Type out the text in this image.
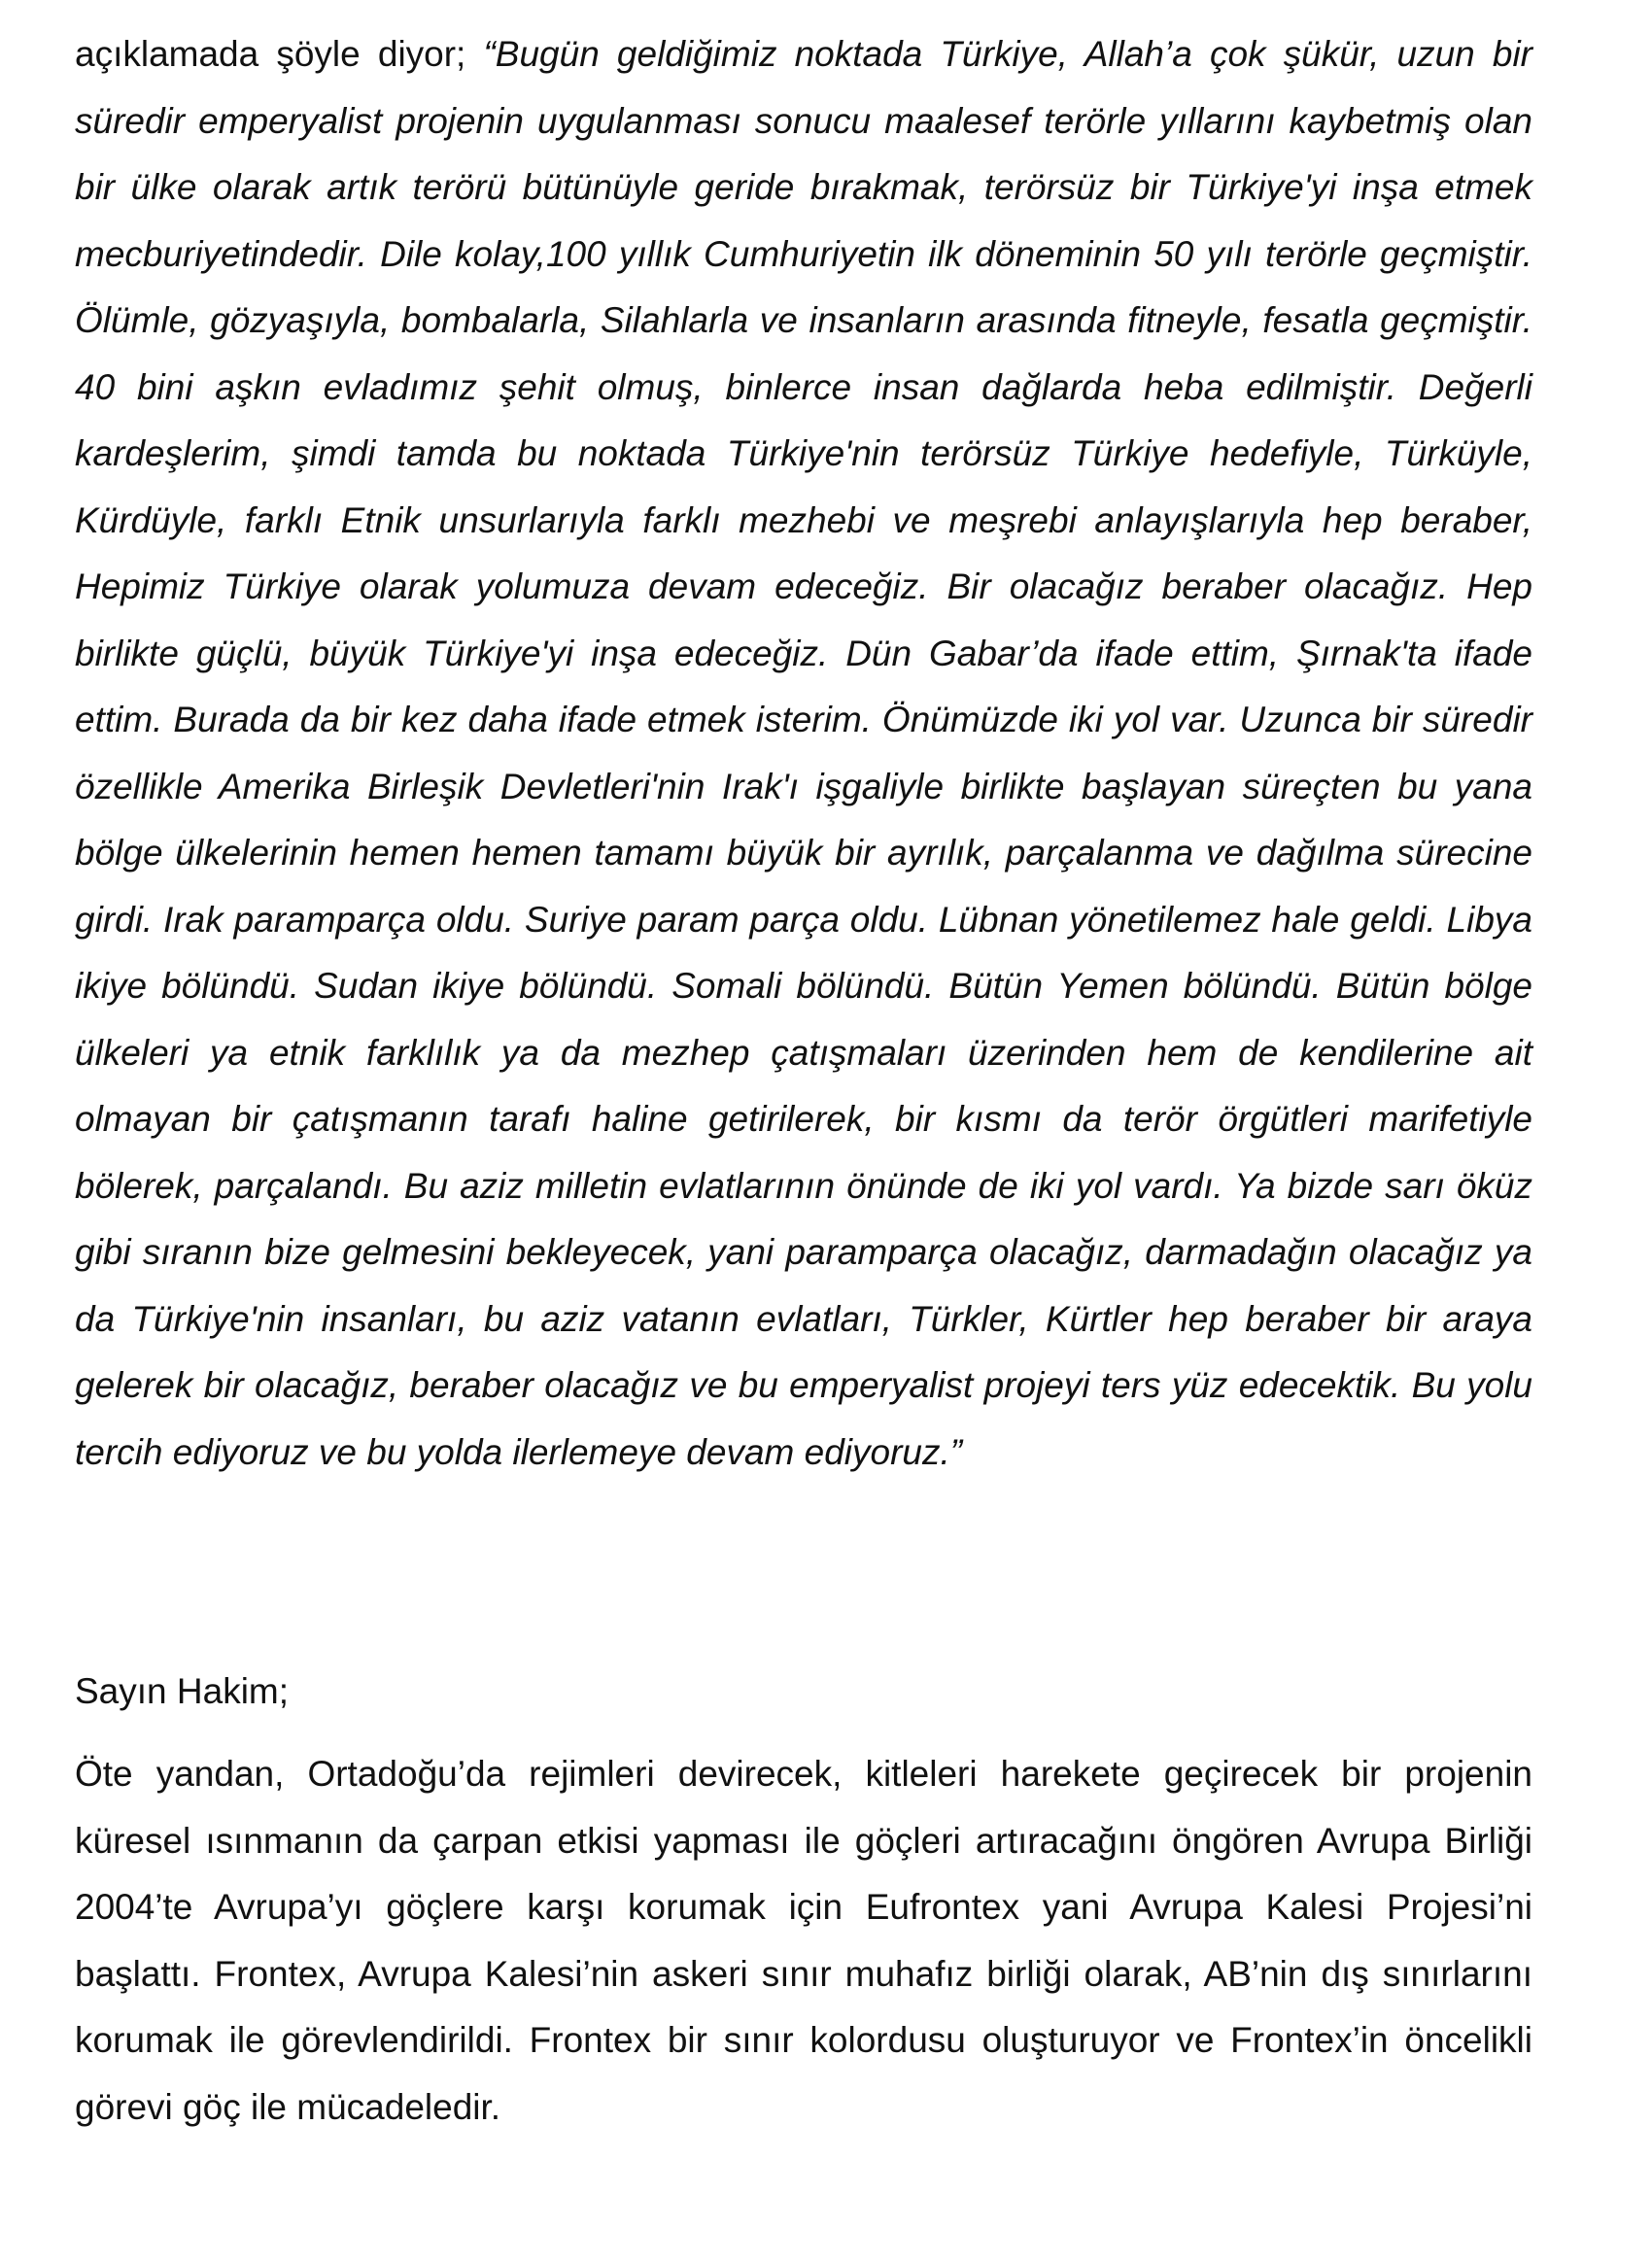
açıklamada şöyle diyor; “Bugün geldiğimiz noktada Türkiye, Allah’a çok şükür, uzun bir süredir emperyalist projenin uygulanması sonucu maalesef terörle yıllarını kaybetmiş olan bir ülke olarak artık terörü bütünüyle geride bırakmak, terörsüz bir Türkiye'yi inşa etmek mecburiyetindedir. Dile kolay,100 yıllık Cumhuriyetin ilk döneminin 50 yılı terörle geçmiştir. Ölümle, gözyaşıyla, bombalarla, Silahlarla ve insanların arasında fitneyle, fesatla geçmiştir. 40 bini aşkın evladımız şehit olmuş, binlerce insan dağlarda heba edilmiştir. Değerli kardeşlerim, şimdi tamda bu noktada Türkiye'nin terörsüz Türkiye hedefiyle, Türküyle, Kürdüyle, farklı Etnik unsurlarıyla farklı mezhebi ve meşrebi anlayışlarıyla hep beraber, Hepimiz Türkiye olarak yolumuza devam edeceğiz. Bir olacağız beraber olacağız. Hep birlikte güçlü, büyük Türkiye'yi inşa edeceğiz. Dün Gabar’da ifade ettim, Şırnak'ta ifade ettim. Burada da bir kez daha ifade etmek isterim. Önümüzde iki yol var. Uzunca bir süredir özellikle Amerika Birleşik Devletleri'nin Irak'ı işgaliyle birlikte başlayan süreçten bu yana bölge ülkelerinin hemen hemen tamamı büyük bir ayrılık, parçalanma ve dağılma sürecine girdi. Irak paramparça oldu. Suriye param parça oldu. Lübnan yönetilemez hale geldi. Libya ikiye bölündü. Sudan ikiye bölündü. Somali bölündü. Bütün Yemen bölündü. Bütün bölge ülkeleri ya etnik farklılık ya da mezhep çatışmaları üzerinden hem de kendilerine ait olmayan bir çatışmanın tarafı haline getirilerek, bir kısmı da terör örgütleri marifetiyle bölerek, parçalandı. Bu aziz milletin evlatlarının önünde de iki yol vardı. Ya bizde sarı öküz gibi sıranın bize gelmesini bekleyecek, yani paramparça olacağız, darmadağın olacağız ya da Türkiye'nin insanları, bu aziz vatanın evlatları, Türkler, Kürtler hep beraber bir araya gelerek bir olacağız, beraber olacağız ve bu emperyalist projeyi ters yüz edecektik. Bu yolu tercih ediyoruz ve bu yolda ilerlemeye devam ediyoruz.”

Sayın Hakim;

Öte yandan, Ortadoğu’da rejimleri devirecek, kitleleri harekete geçirecek bir projenin küresel ısınmanın da çarpan etkisi yapması ile göçleri artıracağını öngören Avrupa Birliği 2004’te Avrupa’yı göçlere karşı korumak için Eufrontex yani Avrupa Kalesi Projesi’ni başlattı. Frontex, Avrupa Kalesi’nin askeri sınır muhafız birliği olarak, AB’nin dış sınırlarını korumak ile görevlendirildi. Frontex bir sınır kolordusu oluşturuyor ve Frontex’in öncelikli görevi göç ile mücadeledir.
